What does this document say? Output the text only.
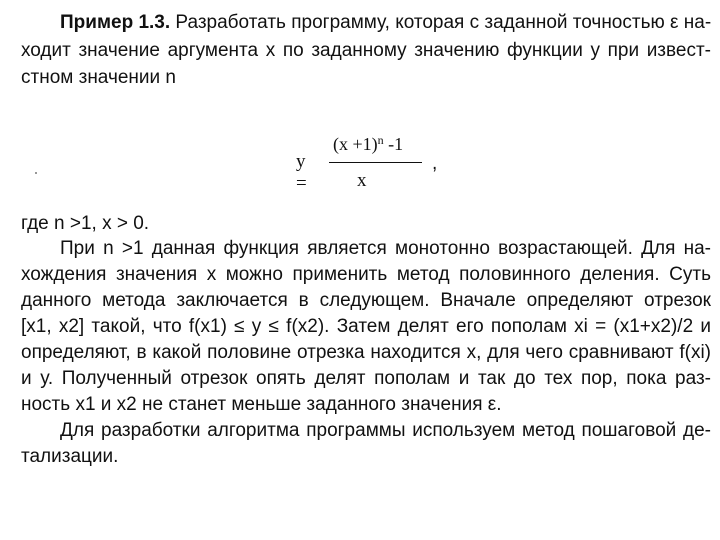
Пример 1.3. Разработать программу, которая с заданной точностью ε на-
ходит значение аргумента х по заданному значению функции у при извест-
стном значении n
y =
$(x +1)^n$ -1
x
,
где n >1, x > 0.
При n >1 данная функция является монотонно возрастающей. Для на-
хождения значения х можно применить метод половинного деления. Суть
данного метода заключается в следующем. Вначале определяют отрезок
[x1, x2] такой, что f(x1) ≤ y ≤ f(x2). Затем делят его пополам xi = (x1+x2)/2 и
определяют, в какой половине отрезка находится х, для чего сравнивают f(xi)
и у. Полученный отрезок опять делят пополам и так до тех пор, пока раз-
ность х1 и х2 не станет меньше заданного значения ε.
Для разработки алгоритма программы используем метод пошаговой де-
тализации.
